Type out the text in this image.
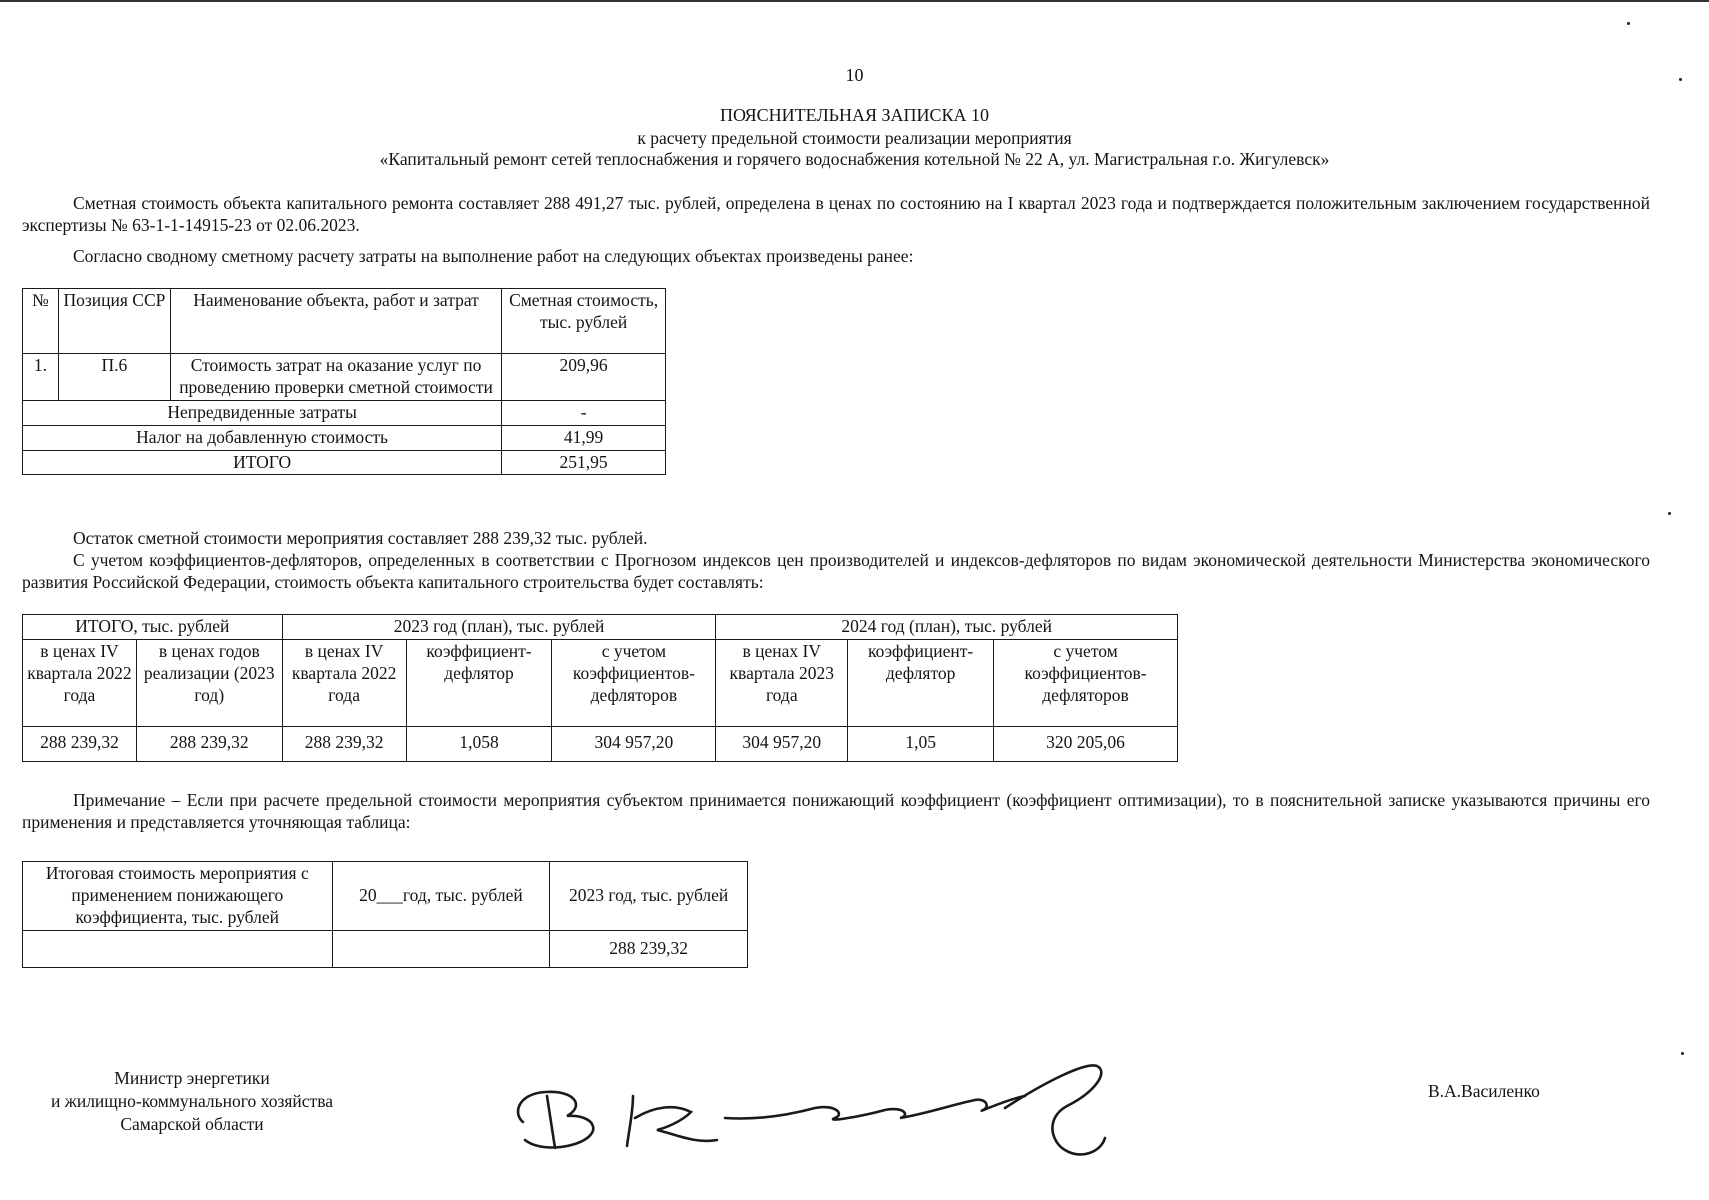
10
ПОЯСНИТЕЛЬНАЯ ЗАПИСКА 10
к расчету предельной стоимости реализации мероприятия
«Капитальный ремонт сетей теплоснабжения и горячего водоснабжения котельной № 22 А, ул. Магистральная г.о. Жигулевск»
Сметная стоимость объекта капитального ремонта составляет 288 491,27 тыс. рублей, определена в ценах по состоянию на I квартал 2023 года и подтверждается положительным заключением государственной экспертизы № 63-1-1-14915-23 от 02.06.2023.
Согласно сводному сметному расчету затраты на выполнение работ на следующих объектах произведены ранее:
№	Позиция ССР	Наименование объекта, работ и затрат	Сметная стоимость, тыс. рублей
1.	П.6	Стоимость затрат на оказание услуг по проведению проверки сметной стоимости	209,96
Непредвиденные затраты			-
Налог на добавленную стоимость			41,99
ИТОГО			251,95
Остаток сметной стоимости мероприятия составляет 288 239,32 тыс. рублей.
С учетом коэффициентов-дефляторов, определенных в соответствии с Прогнозом индексов цен производителей и индексов-дефляторов по видам экономической деятельности Министерства экономического развития Российской Федерации, стоимость объекта капитального строительства будет составлять:
ИТОГО, тыс. рублей		2023 год (план), тыс. рублей			2024 год (план), тыс. рублей		
в ценах IV квартала 2022 года	в ценах годов реализации (2023 год)	в ценах IV квартала 2022 года	коэффициент-дефлятор	с учетом коэффициентов-дефляторов	в ценах IV квартала 2023 года	коэффициент-дефлятор	с учетом коэффициентов-дефляторов
288 239,32	288 239,32	288 239,32	1,058	304 957,20	304 957,20	1,05	320 205,06
Примечание – Если при расчете предельной стоимости мероприятия субъектом принимается понижающий коэффициент (коэффициент оптимизации), то в пояснительной записке указываются причины его применения и представляется уточняющая таблица:
Итоговая стоимость мероприятия с применением понижающего коэффициента, тыс. рублей	20___год, тыс. рублей	2023 год, тыс. рублей
		288 239,32
Министр энергетики
и жилищно-коммунального хозяйства
Самарской области
В.А.Василенко
